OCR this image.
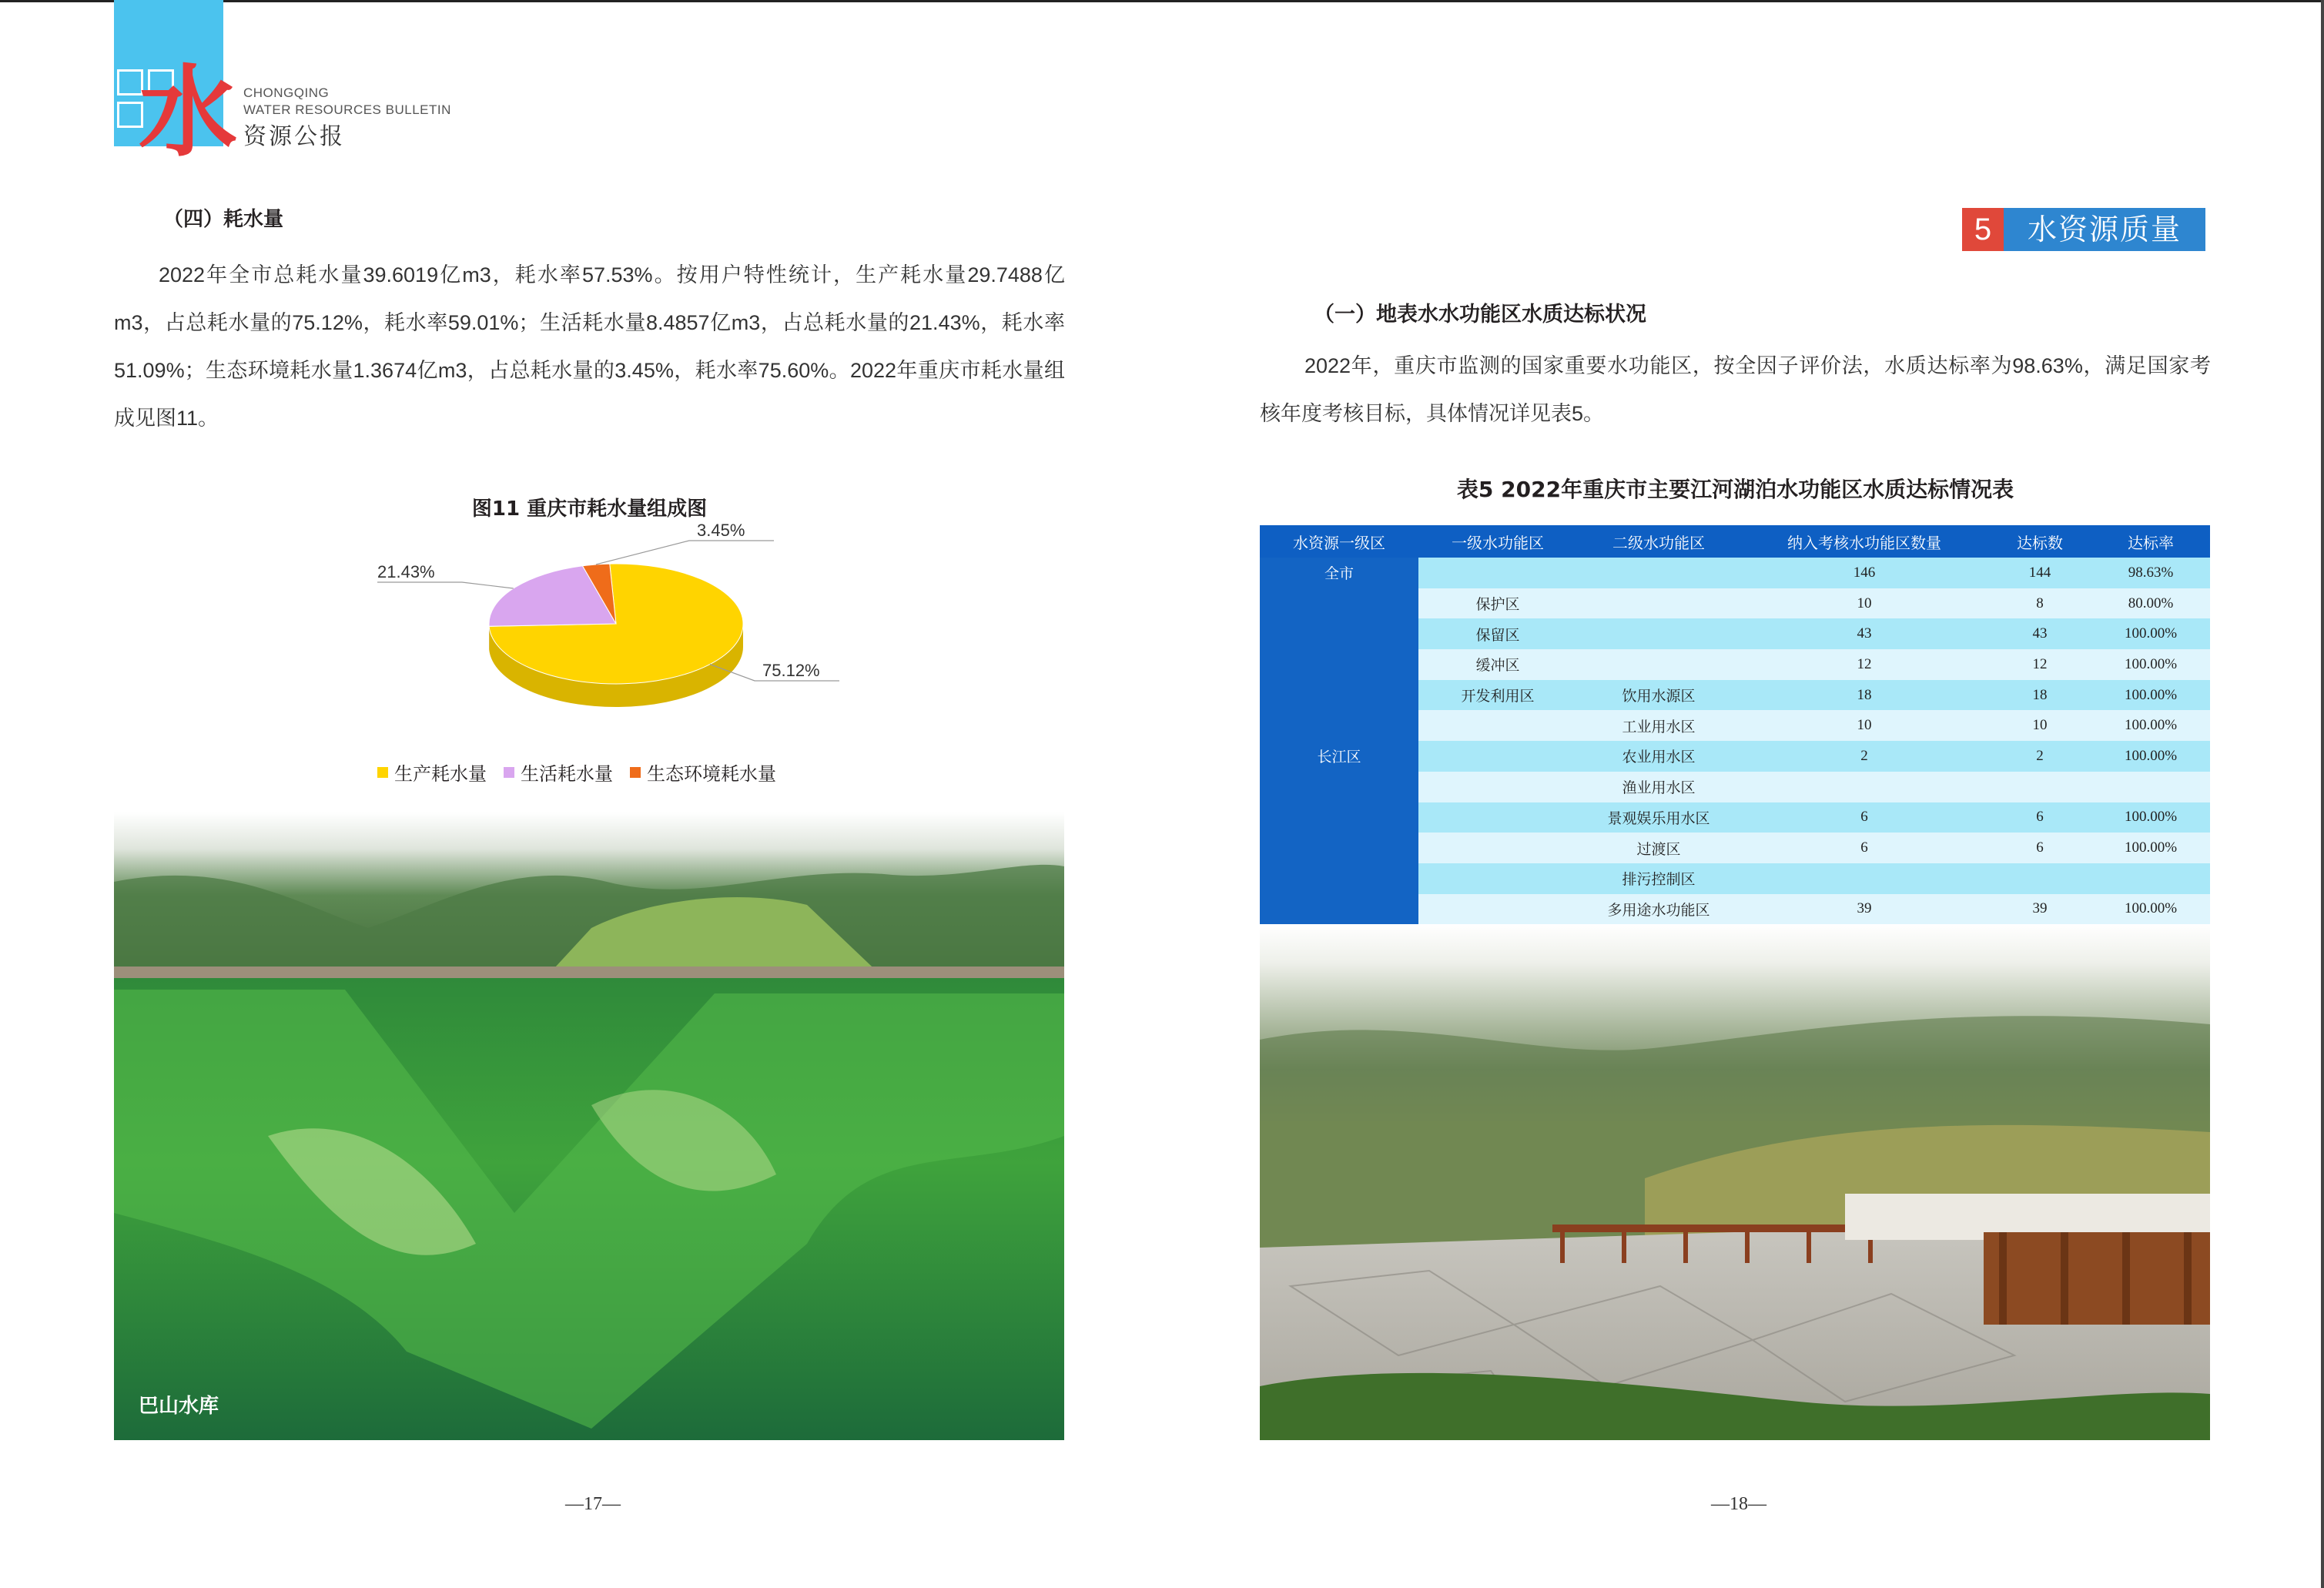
水 CHONGQING
WATER RESOURCES BULLETIN
资源公报
（四）耗水量

2022年全市总耗水量39.6019亿m3，耗水率57.53%。按用户特性统计，生产耗水量29.7488亿m3，占总耗水量的75.12%，耗水率59.01%；生活耗水量8.4857亿m3，占总耗水量的21.43%，耗水率51.09%；生态环境耗水量1.3674亿m3，占总耗水量的3.45%，耗水率75.60%。2022年重庆市耗水量组成见图11。

图11 重庆市耗水量组成图
75.12%
21.43%
3.45%
生产耗水量 生活耗水量 生态环境耗水量
巴山水库
—17—
5	水资源质量
（一）地表水水功能区水质达标状况

2022年，重庆市监测的国家重要水功能区，按全因子评价法，水质达标率为98.63%，满足国家考核年度考核目标，具体情况详见表5。

表5 2022年重庆市主要江河湖泊水功能区水质达标情况表
水资源一级区	一级水功能区	二级水功能区	纳入考核水功能区数量	达标数	达标率
全市			146	144	98.63%
长江区	保护区		10	8	80.00%
	保留区		43	43	100.00%
	缓冲区		12	12	100.00%
	开发利用区	饮用水源区	18	18	100.00%
		工业用水区	10	10	100.00%
		农业用水区	2	2	100.00%
		渔业用水区			
		景观娱乐用水区	6	6	100.00%
		过渡区	6	6	100.00%
		排污控制区			
		多用途水功能区	39	39	100.00%
—18—
